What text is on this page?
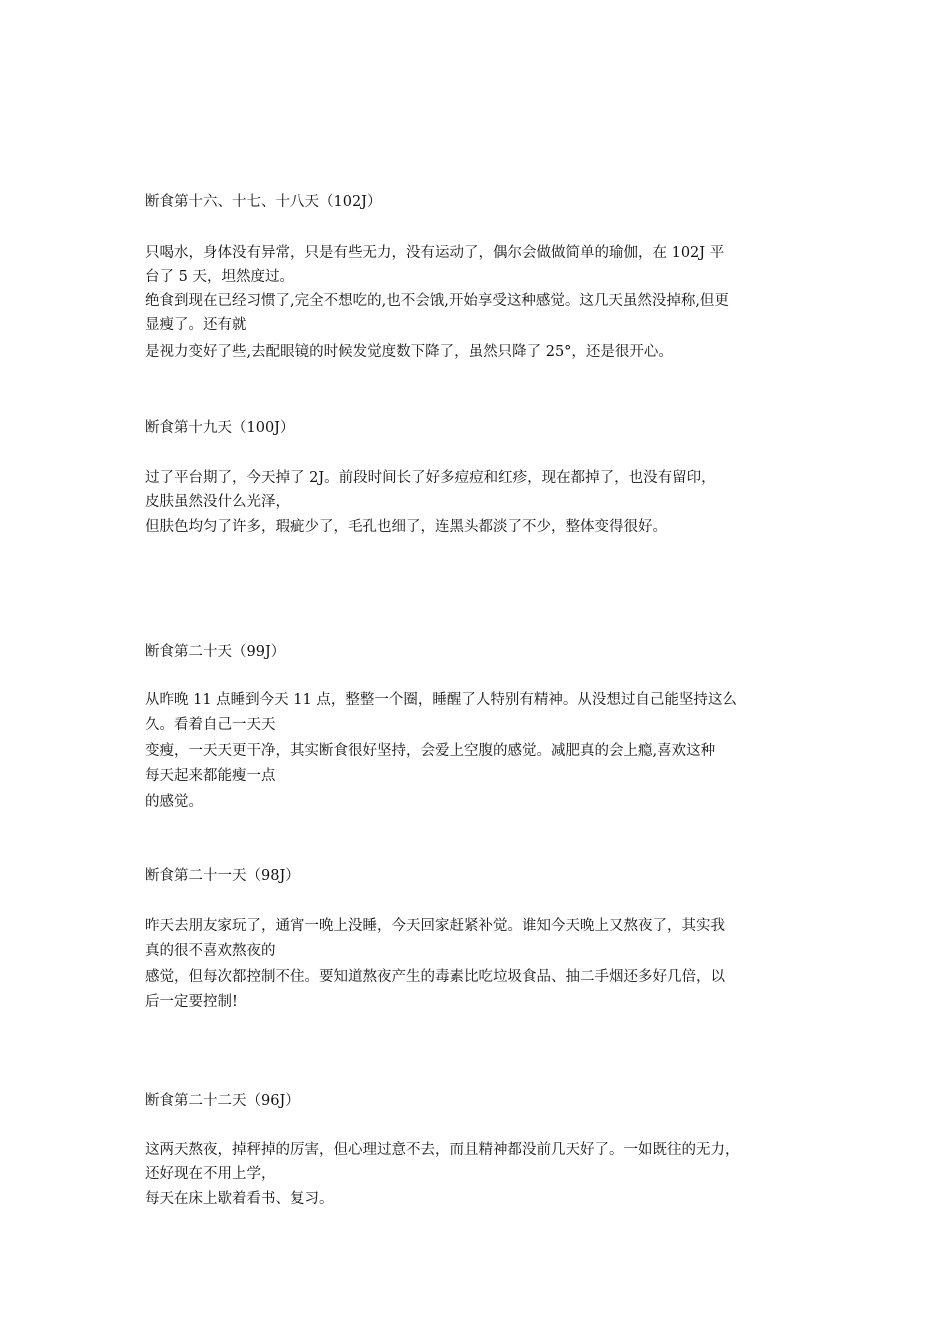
断食第十六、十七、十八天（102J）

只喝水，身体没有异常，只是有些无力，没有运动了，偶尔会做做简单的瑜伽，在 102J 平

台了 5 天，坦然度过。

绝食到现在已经习惯了,完全不想吃的,也不会饿,开始享受这种感觉。这几天虽然没掉称,但更

显瘦了。还有就

是视力变好了些,去配眼镜的时候发觉度数下降了，虽然只降了 25°，还是很开心。

断食第十九天（100J）

过了平台期了，今天掉了 2J。前段时间长了好多痘痘和红疹，现在都掉了，也没有留印，

皮肤虽然没什么光泽，

但肤色均匀了许多，瑕疵少了，毛孔也细了，连黑头都淡了不少，整体变得很好。

断食第二十天（99J）

从昨晚 11 点睡到今天 11 点，整整一个圈，睡醒了人特别有精神。从没想过自己能坚持这么

久。看着自己一天天

变瘦，一天天更干净，其实断食很好坚持，会爱上空腹的感觉。减肥真的会上瘾,喜欢这种

每天起来都能瘦一点

的感觉。

断食第二十一天（98J）

昨天去朋友家玩了，通宵一晚上没睡，今天回家赶紧补觉。谁知今天晚上又熬夜了，其实我

真的很不喜欢熬夜的

感觉，但每次都控制不住。要知道熬夜产生的毒素比吃垃圾食品、抽二手烟还多好几倍，以

后一定要控制!

断食第二十二天（96J）

这两天熬夜，掉秤掉的厉害，但心理过意不去，而且精神都没前几天好了。一如既往的无力，

还好现在不用上学，

每天在床上歇着看书、复习。
